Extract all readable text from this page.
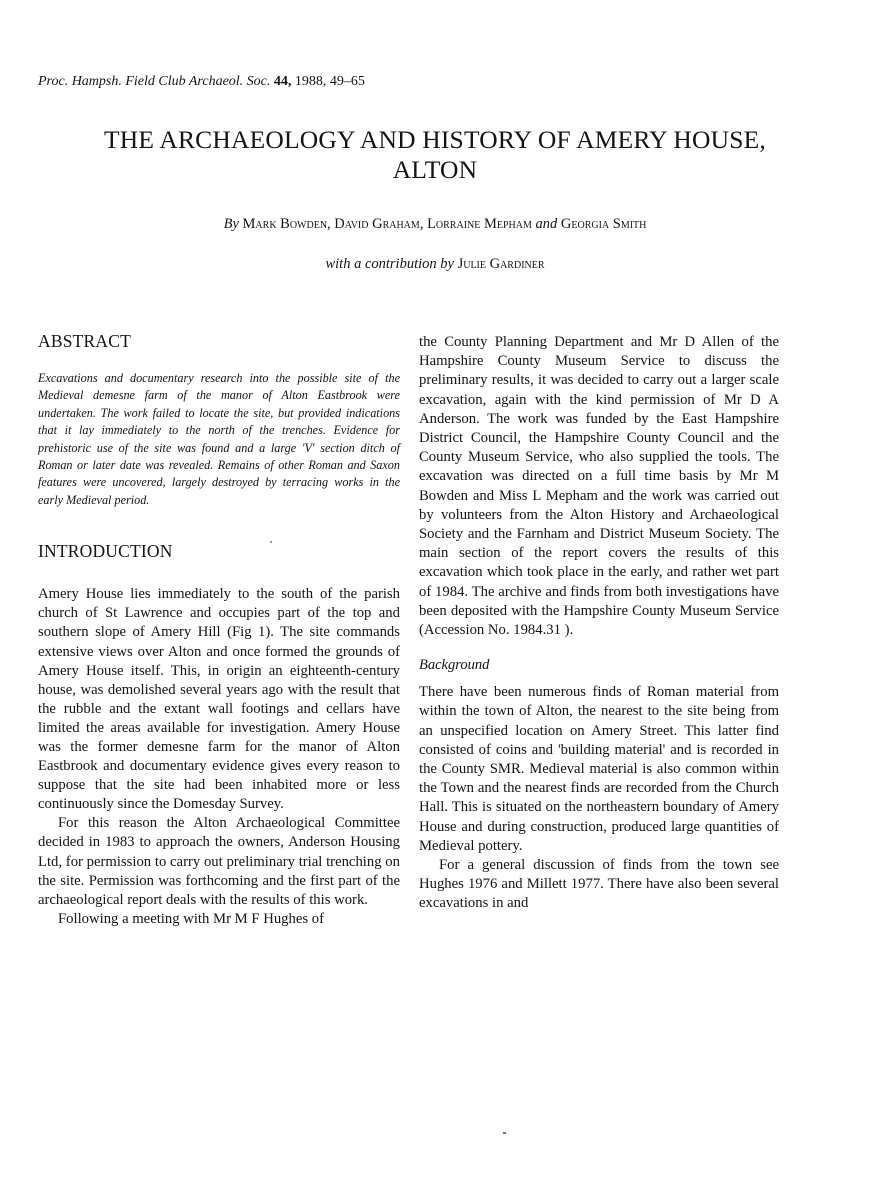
Proc. Hampsh. Field Club Archaeol. Soc. 44, 1988, 49–65
THE ARCHAEOLOGY AND HISTORY OF AMERY HOUSE,
ALTON
By Mark Bowden, David Graham, Lorraine Mepham and Georgia Smith
with a contribution by Julie Gardiner
ABSTRACT

Excavations and documentary research into the possible site of the Medieval demesne farm of the manor of Alton Eastbrook were undertaken. The work failed to locate the site, but provided indications that it lay immediately to the north of the trenches. Evidence for prehistoric use of the site was found and a large 'V' section ditch of Roman or later date was revealed. Remains of other Roman and Saxon features were uncovered, largely destroyed by terracing works in the early Medieval period.

INTRODUCTION

Amery House lies immediately to the south of the parish church of St Lawrence and occupies part of the top and southern slope of Amery Hill (Fig 1). The site commands extensive views over Alton and once formed the grounds of Amery House itself. This, in origin an eighteenth-century house, was demolished several years ago with the result that the rubble and the extant wall footings and cellars have limited the areas available for investigation. Amery House was the former demesne farm for the manor of Alton Eastbrook and documentary evidence gives every reason to suppose that the site had been inhabited more or less continuously since the Domesday Survey.

For this reason the Alton Archaeological Committee decided in 1983 to approach the owners, Anderson Housing Ltd, for permission to carry out preliminary trial trenching on the site. Permission was forthcoming and the first part of the archaeological report deals with the results of this work.

Following a meeting with Mr M F Hughes of

the County Planning Department and Mr D Allen of the Hampshire County Museum Service to discuss the preliminary results, it was decided to carry out a larger scale excavation, again with the kind permission of Mr D A Anderson. The work was funded by the East Hampshire District Council, the Hampshire County Council and the County Museum Service, who also supplied the tools. The excavation was directed on a full time basis by Mr M Bowden and Miss L Mepham and the work was carried out by volunteers from the Alton History and Archaeological Society and the Farnham and District Museum Society. The main section of the report covers the results of this excavation which took place in the early, and rather wet part of 1984. The archive and finds from both investigations have been deposited with the Hampshire County Museum Service (Accession No. 1984.31 ).

Background

There have been numerous finds of Roman material from within the town of Alton, the nearest to the site being from an unspecified location on Amery Street. This latter find consisted of coins and 'building material' and is recorded in the County SMR. Medieval material is also common within the Town and the nearest finds are recorded from the Church Hall. This is situated on the northeastern boundary of Amery House and during construction, produced large quantities of Medieval pottery.

For a general discussion of finds from the town see Hughes 1976 and Millett 1977. There have also been several excavations in and
